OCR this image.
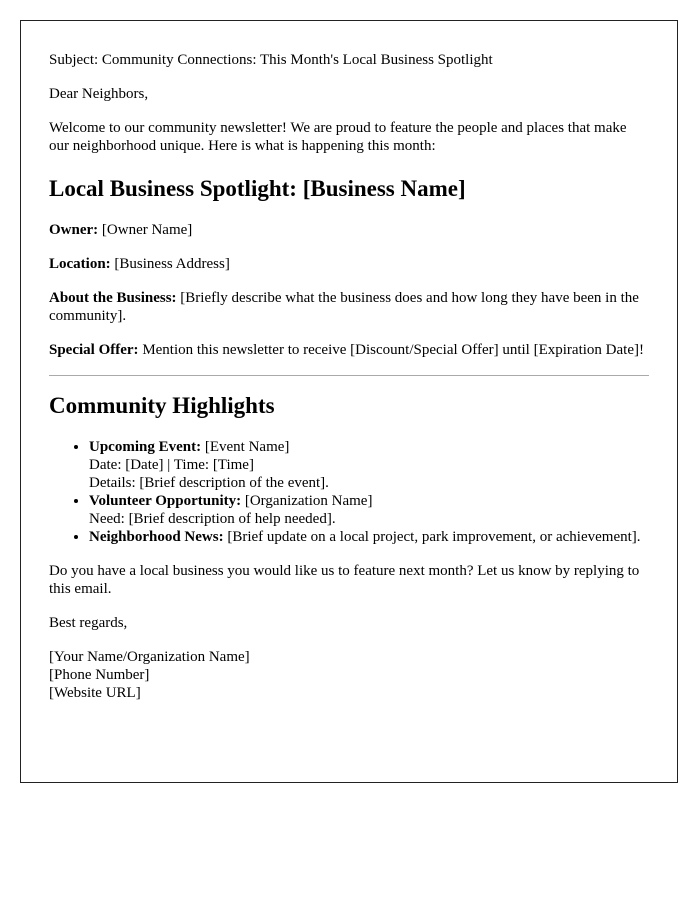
Subject: Community Connections: This Month's Local Business Spotlight

Dear Neighbors,

Welcome to our community newsletter! We are proud to feature the people and places that make our neighborhood unique. Here is what is happening this month:

Local Business Spotlight: [Business Name]

Owner: [Owner Name]

Location: [Business Address]

About the Business: [Briefly describe what the business does and how long they have been in the community].

Special Offer: Mention this newsletter to receive [Discount/Special Offer] until [Expiration Date]!

Community Highlights
• Upcoming Event: [Event Name]
Date: [Date] | Time: [Time]
Details: [Brief description of the event].
• Volunteer Opportunity: [Organization Name]
Need: [Brief description of help needed].
• Neighborhood News: [Brief update on a local project, park improvement, or achievement].

Do you have a local business you would like us to feature next month? Let us know by replying to this email.

Best regards,

[Your Name/Organization Name]

[Phone Number]

[Website URL]
